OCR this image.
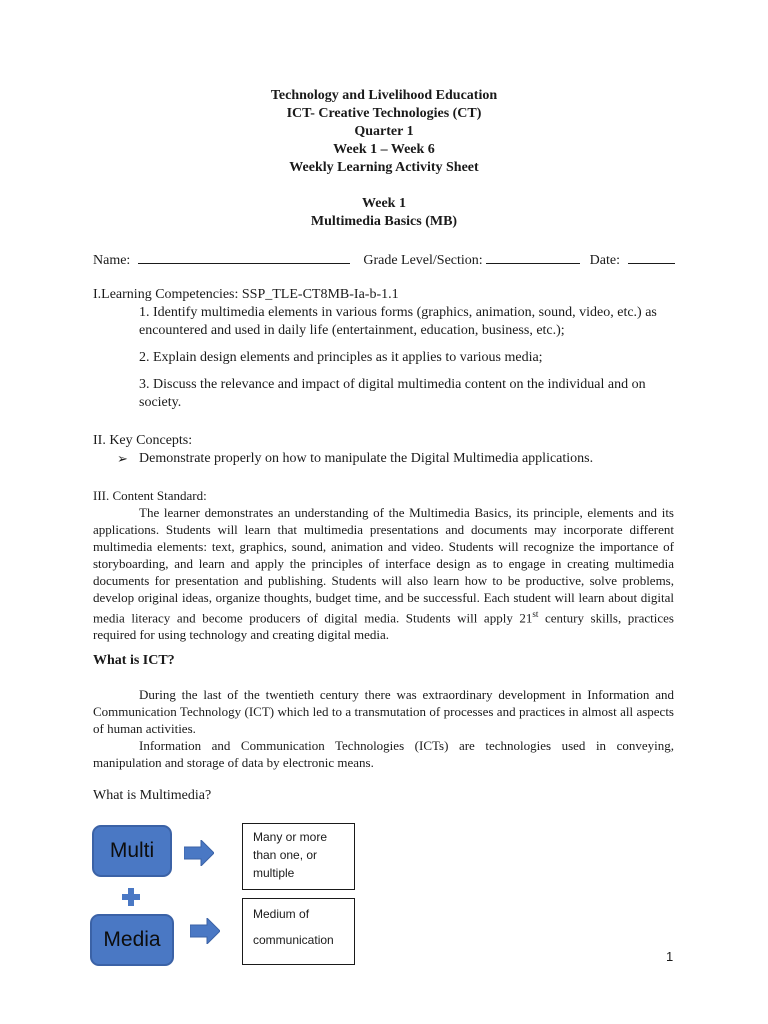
Technology and Livelihood Education
ICT- Creative Technologies (CT)
Quarter 1
Week 1 – Week 6
Weekly Learning Activity Sheet
Week 1
Multimedia Basics (MB)
Name:	Grade Level/Section:	Date:
I.Learning Competencies: SSP_TLE-CT8MB-Ia-b-1.1
1. Identify multimedia elements in various forms (graphics, animation, sound, video, etc.) as encountered and used in daily life (entertainment, education, business, etc.);
2. Explain design elements and principles as it applies to various media;
3. Discuss the relevance and impact of digital multimedia content on the individual and on society.
II. Key Concepts:
➢ Demonstrate properly on how to manipulate the Digital Multimedia applications.
III. Content Standard:
The learner demonstrates an understanding of the Multimedia Basics, its principle, elements and its applications. Students will learn that multimedia presentations and documents may incorporate different multimedia elements: text, graphics, sound, animation and video. Students will recognize the importance of storyboarding, and learn and apply the principles of interface design as to engage in creating multimedia documents for presentation and publishing. Students will also learn how to be productive, solve problems, develop original ideas, organize thoughts, budget time, and be successful. Each student will learn about digital media literacy and become producers of digital media. Students will apply 21st century skills, practices required for using technology and creating digital media.
What is ICT?
During the last of the twentieth century there was extraordinary development in Information and Communication Technology (ICT) which led to a transmutation of processes and practices in almost all aspects of human activities.
Information and Communication Technologies (ICTs) are technologies used in conveying, manipulation and storage of data by electronic means.
What is Multimedia?
Multi
Many or more than one, or multiple
Media
Medium of communication
1
